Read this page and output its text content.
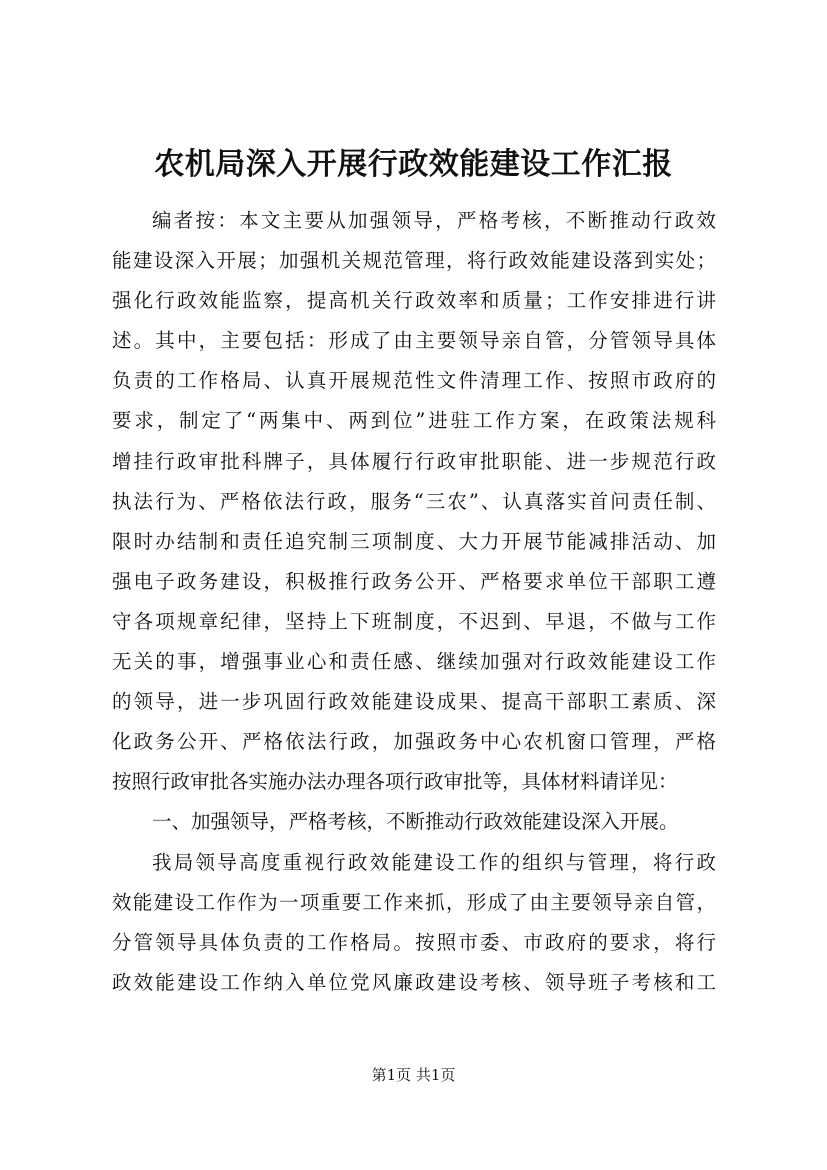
农机局深入开展行政效能建设工作汇报
编者按：本文主要从加强领导，严格考核，不断推动行政效
能建设深入开展；加强机关规范管理，将行政效能建设落到实处；
强化行政效能监察，提高机关行政效率和质量；工作安排进行讲
述。其中，主要包括：形成了由主要领导亲自管，分管领导具体
负责的工作格局、认真开展规范性文件清理工作、按照市政府的
要求，制定了“两集中、两到位”进驻工作方案，在政策法规科
增挂行政审批科牌子，具体履行行政审批职能、进一步规范行政
执法行为、严格依法行政，服务“三农”、认真落实首问责任制、
限时办结制和责任追究制三项制度、大力开展节能减排活动、加
强电子政务建设，积极推行政务公开、严格要求单位干部职工遵
守各项规章纪律，坚持上下班制度，不迟到、早退，不做与工作
无关的事，增强事业心和责任感、继续加强对行政效能建设工作
的领导，进一步巩固行政效能建设成果、提高干部职工素质、深
化政务公开、严格依法行政，加强政务中心农机窗口管理，严格
按照行政审批各实施办法办理各项行政审批等，具体材料请详见：
一、加强领导，严格考核，不断推动行政效能建设深入开展。
我局领导高度重视行政效能建设工作的组织与管理，将行政
效能建设工作作为一项重要工作来抓，形成了由主要领导亲自管，
分管领导具体负责的工作格局。按照市委、市政府的要求，将行
政效能建设工作纳入单位党风廉政建设考核、领导班子考核和工
第1页 共1页
